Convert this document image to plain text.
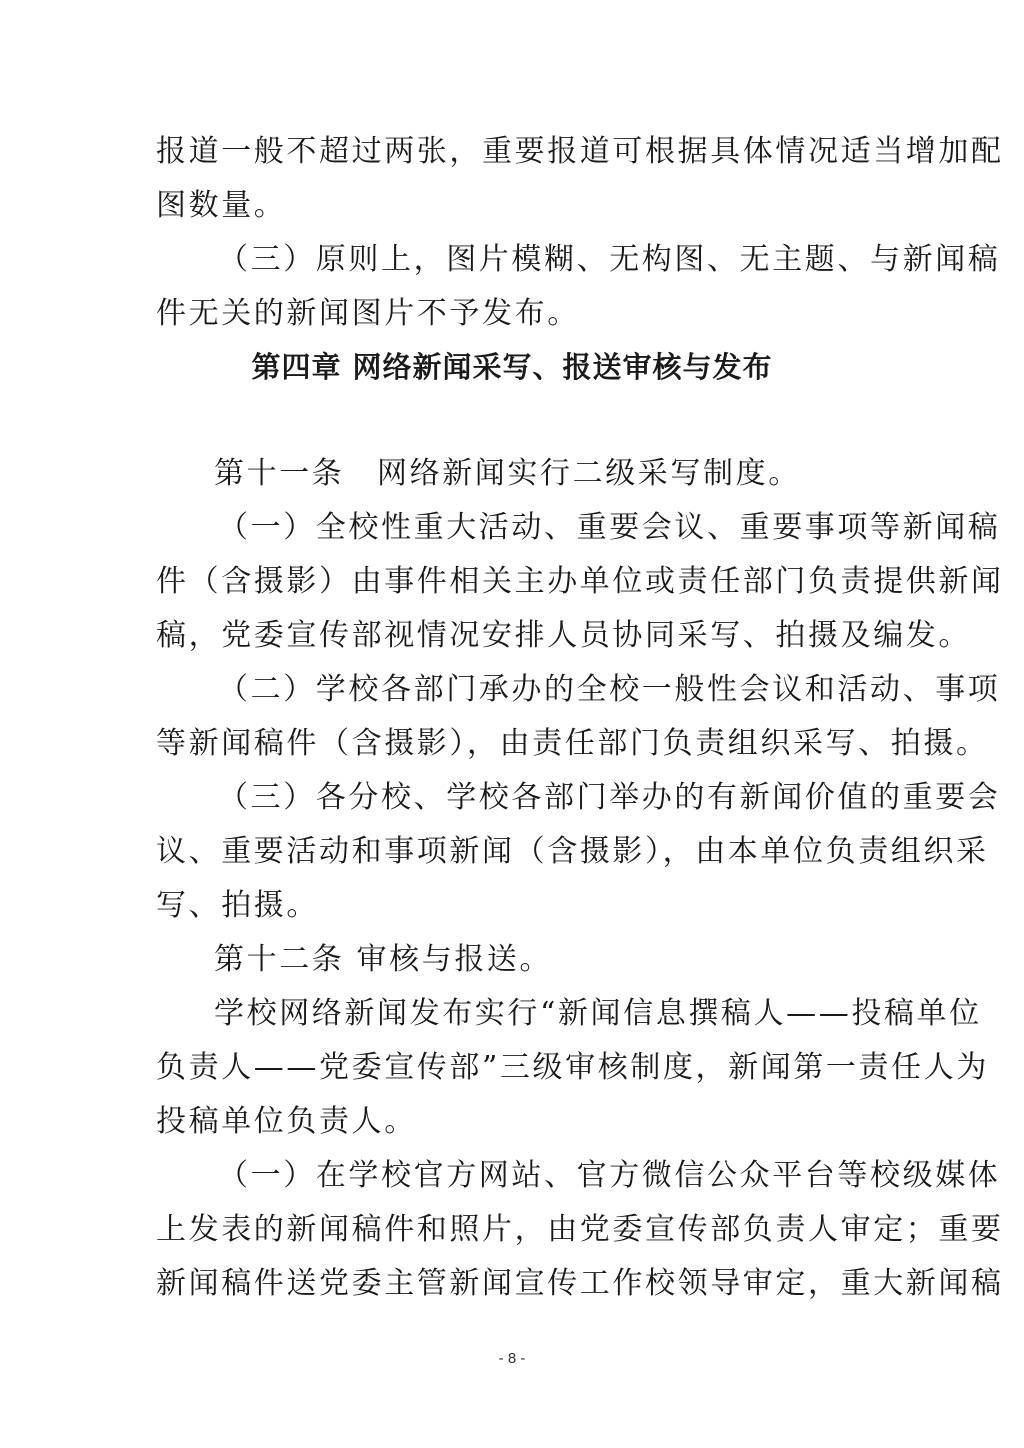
报道一般不超过两张，重要报道可根据具体情况适当增加配
图数量。
（三）原则上，图片模糊、无构图、无主题、与新闻稿
件无关的新闻图片不予发布。
第四章 网络新闻采写、报送审核与发布
第十一条　网络新闻实行二级采写制度。
（一）全校性重大活动、重要会议、重要事项等新闻稿
件（含摄影）由事件相关主办单位或责任部门负责提供新闻
稿，党委宣传部视情况安排人员协同采写、拍摄及编发。
（二）学校各部门承办的全校一般性会议和活动、事项
等新闻稿件（含摄影），由责任部门负责组织采写、拍摄。
（三）各分校、学校各部门举办的有新闻价值的重要会
议、重要活动和事项新闻（含摄影），由本单位负责组织采
写、拍摄。
第十二条 审核与报送。
学校网络新闻发布实行“新闻信息撰稿人——投稿单位
负责人——党委宣传部”三级审核制度，新闻第一责任人为
投稿单位负责人。
（一）在学校官方网站、官方微信公众平台等校级媒体
上发表的新闻稿件和照片，由党委宣传部负责人审定；重要
新闻稿件送党委主管新闻宣传工作校领导审定，重大新闻稿
- 8 -
